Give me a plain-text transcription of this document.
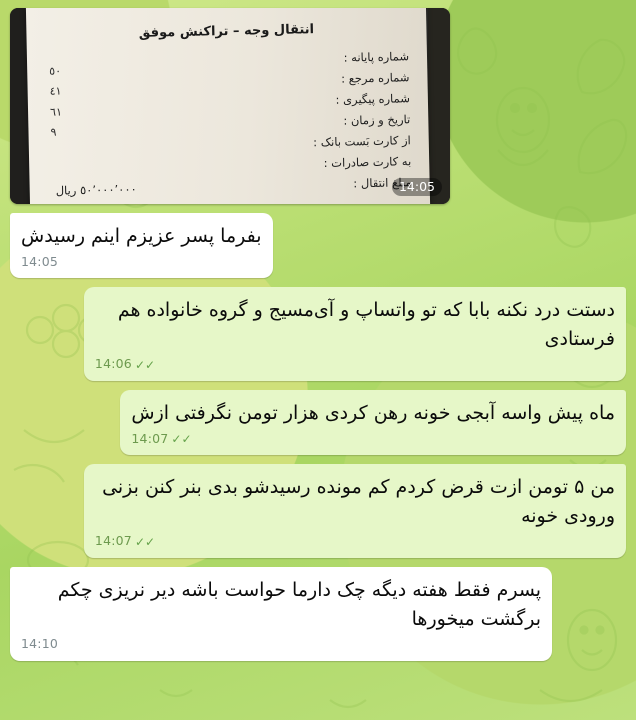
انتقال وجه – تراکنش موفق
شماره پایانه :
شماره مرجع :
شماره پیگیری :
تاریخ و زمان :
از کارت بَست بانک :
به کارت صادرات :
مبلغ انتقال :
٥٠
٤١
٦١
٩
٥٠٬٠٠٠٬٠٠٠ ریال	14:05
بفرما پسر عزیزم اینم رسیدش
14:05
دستت درد نکنه بابا که تو واتساپ و آی‌مسیج و گروه خانواده هم فرستادی
14:06 ✓✓
ماه پیش واسه آبجی خونه رهن کردی هزار تومن نگرفتی ازش
14:07 ✓✓
من ۵ تومن ازت قرض کردم کم مونده رسیدشو بدی بنر کنن بزنی ورودی خونه
14:07 ✓✓
پسرم فقط هفته دیگه چک دارما حواست باشه دیر نریزی چکم برگشت میخورها
14:10
